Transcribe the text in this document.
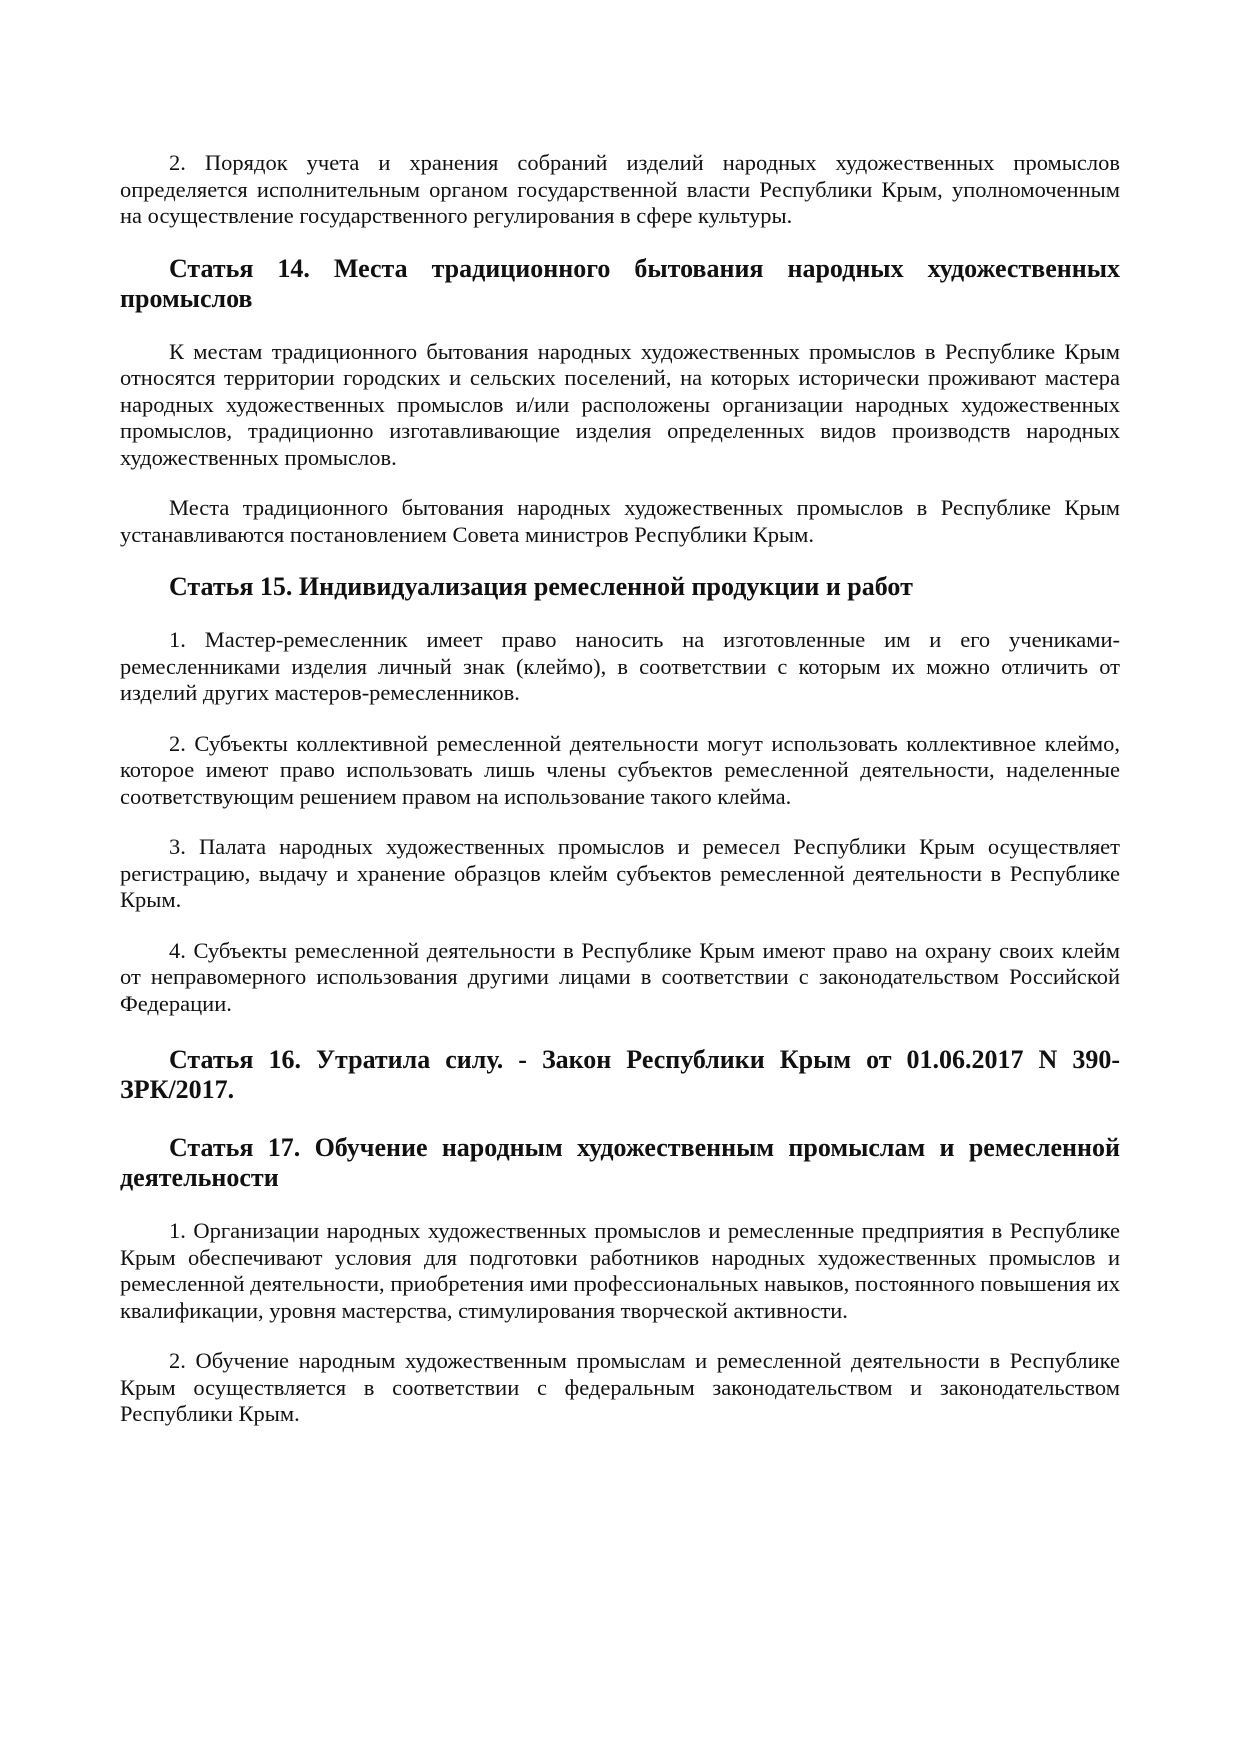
2. Порядок учета и хранения собраний изделий народных художественных промыслов определяется исполнительным органом государственной власти Республики Крым, уполномоченным на осуществление государственного регулирования в сфере культуры.

Статья 14. Места традиционного бытования народных художественных промыслов

К местам традиционного бытования народных художественных промыслов в Республике Крым относятся территории городских и сельских поселений, на которых исторически проживают мастера народных художественных промыслов и/или расположены организации народных художественных промыслов, традиционно изготавливающие изделия определенных видов производств народных художественных промыслов.

Места традиционного бытования народных художественных промыслов в Республике Крым устанавливаются постановлением Совета министров Республики Крым.

Статья 15. Индивидуализация ремесленной продукции и работ

1. Мастер-ремесленник имеет право наносить на изготовленные им и его учениками-ремесленниками изделия личный знак (клеймо), в соответствии с которым их можно отличить от изделий других мастеров-ремесленников.

2. Субъекты коллективной ремесленной деятельности могут использовать коллективное клеймо, которое имеют право использовать лишь члены субъектов ремесленной деятельности, наделенные соответствующим решением правом на использование такого клейма.

3. Палата народных художественных промыслов и ремесел Республики Крым осуществляет регистрацию, выдачу и хранение образцов клейм субъектов ремесленной деятельности в Республике Крым.

4. Субъекты ремесленной деятельности в Республике Крым имеют право на охрану своих клейм от неправомерного использования другими лицами в соответствии с законодательством Российской Федерации.

Статья 16. Утратила силу. - Закон Республики Крым от 01.06.2017 N 390-ЗРК/2017.
Статья 17. Обучение народным художественным промыслам и ремесленной деятельности

1. Организации народных художественных промыслов и ремесленные предприятия в Республике Крым обеспечивают условия для подготовки работников народных художественных промыслов и ремесленной деятельности, приобретения ими профессиональных навыков, постоянного повышения их квалификации, уровня мастерства, стимулирования творческой активности.

2. Обучение народным художественным промыслам и ремесленной деятельности в Республике Крым осуществляется в соответствии с федеральным законодательством и законодательством Республики Крым.
